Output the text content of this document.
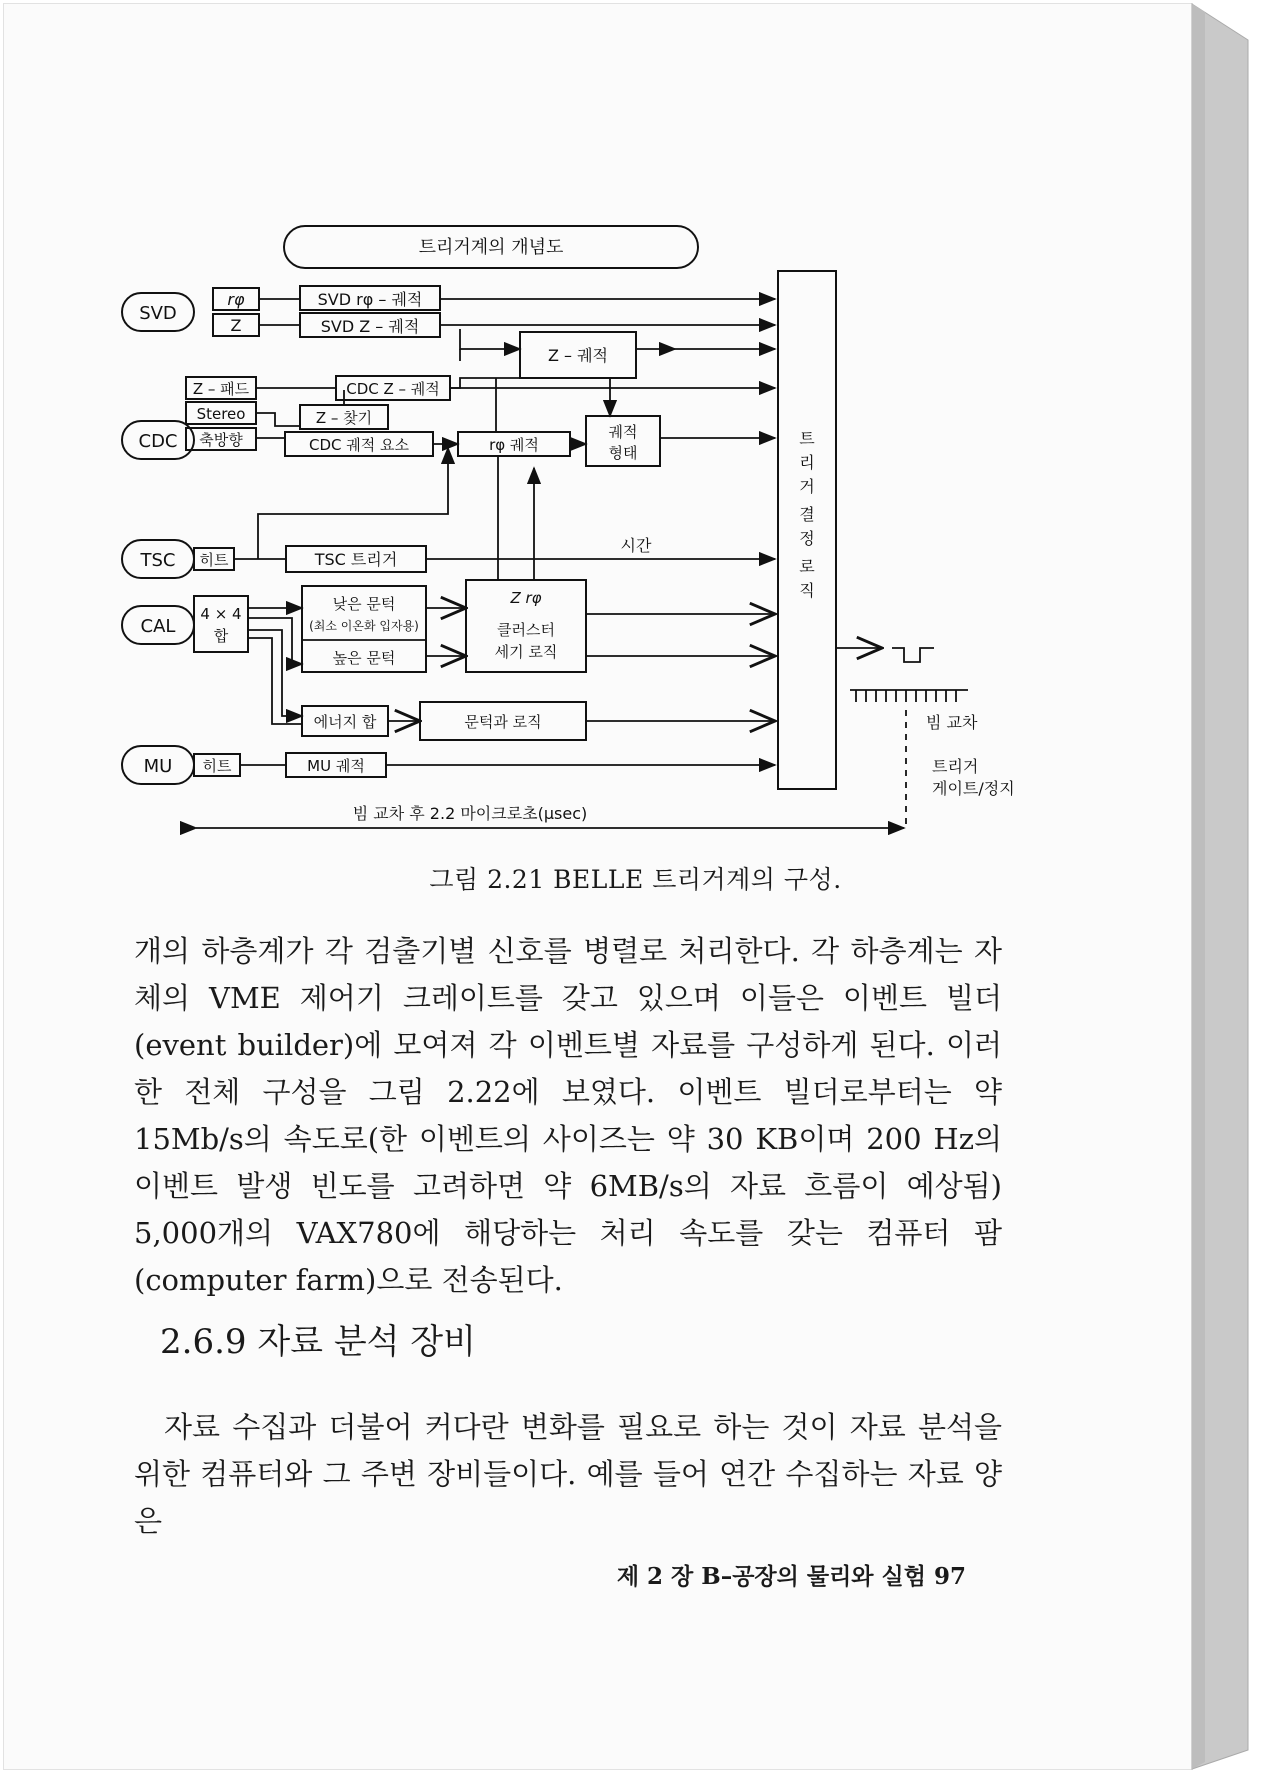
트리거계의 개념도
SVD
CDC
TSC
CAL
MU
rφ
Z
SVD rφ – 궤적
SVD Z – 궤적
Z – 궤적
Z – 패드
Stereo
축방향
CDC Z – 궤적
Z – 찾기
CDC 궤적 요소	rφ 궤적
궤적
형태
히트	TSC 트리거
시간
4 × 4
합
낮은 문턱
(최소 이온화 입자용)
높은 문턱
Z rφ
클러스터
세기 로직
에너지 합	문턱과 로직
히트	MU 궤적
트
리
거
결
정
로
직
빔 교차
트리거
게이트/정지
빔 교차 후 2.2 마이크로초(μsec)
그림 2.21 BELLE 트리거계의 구성.
개의 하층계가 각 검출기별 신호를 병렬로 처리한다. 각 하층계는 자체의 VME 제어기 크레이트를 갖고 있으며 이들은 이벤트 빌더(event builder)에 모여져 각 이벤트별 자료를 구성하게 된다. 이러한 전체 구성을 그림 2.22에 보였다. 이벤트 빌더로부터는 약 15Mb/s의 속도로(한 이벤트의 사이즈는 약 30 KB이며 200 Hz의 이벤트 발생 빈도를 고려하면 약 6MB/s의 자료 흐름이 예상됨) 5,000개의 VAX780에 해당하는 처리 속도를 갖는 컴퓨터 팜(computer farm)으로 전송된다.
2.6.9 자료 분석 장비
자료 수집과 더불어 커다란 변화를 필요로 하는 것이 자료 분석을 위한 컴퓨터와 그 주변 장비들이다. 예를 들어 연간 수집하는 자료 양은
제 2 장 B–공장의 물리와 실험 97
